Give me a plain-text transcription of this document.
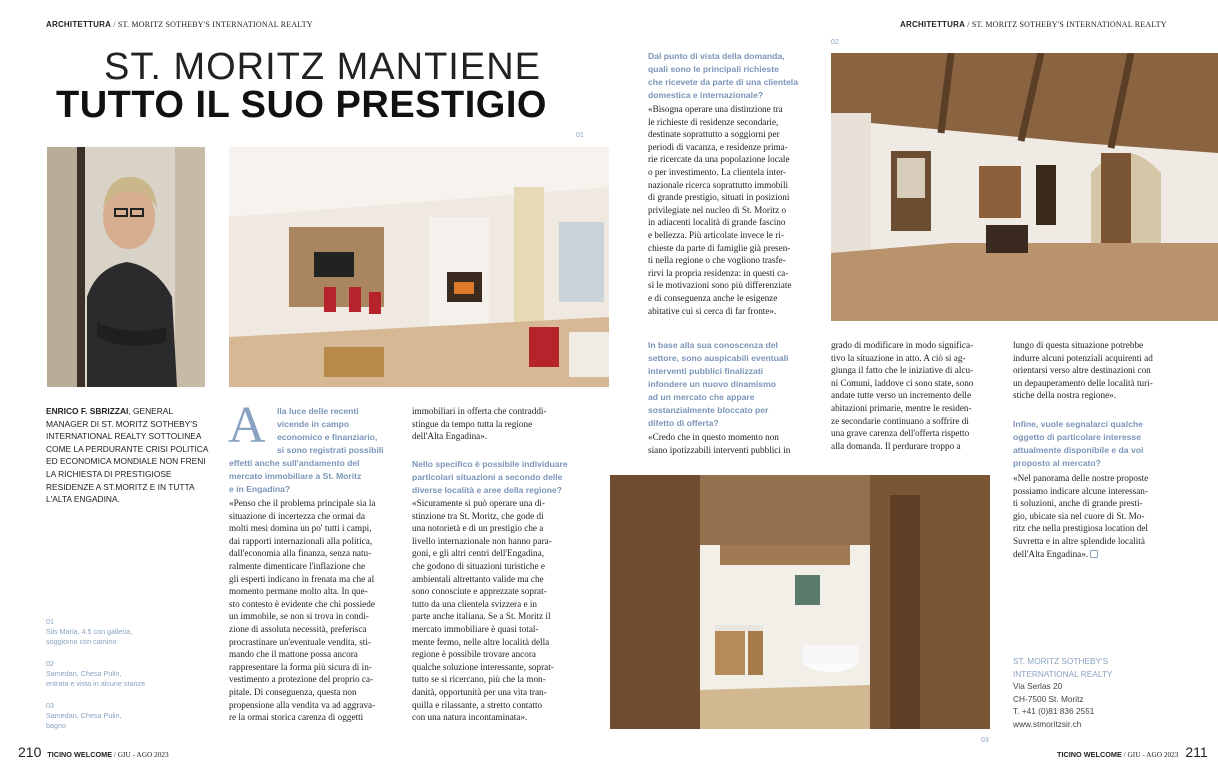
ARCHITETTURA / ST. MORITZ SOTHEBY'S INTERNATIONAL REALTY	ARCHITETTURA / ST. MORITZ SOTHEBY'S INTERNATIONAL REALTY
ST. MORITZ MANTIENE
TUTTO IL SUO PRESTIGIO
01
ENRICO F. SBRIZZAI, GENERAL MANAGER DI ST. MORITZ SOTHEBY'S INTERNATIONAL REALTY SOTTOLINEA COME LA PERDURANTE CRISI POLITICA ED ECONOMICA MONDIALE NON FRENI LA RICHIESTA DI PRESTIGIOSE RESIDENZE A ST.MORITZ E IN TUTTA L'ALTA ENGADINA.
01
Sils Maria, 4.5 con galleria,
soggiorno con camino
02
Samedan, Chesa Pulin,
entrata e vista in alcune stanze
03
Samedan, Chesa Pulin,
bagno
A lla luce delle recenti
vicende in campo
economico e finanziario,
si sono registrati possibili
effetti anche sull'andamento del
mercato immobiliare a St. Moritz
e in Engadina?
«Penso che il problema principale sia la
situazione di incertezza che ormai da
molti mesi domina un po' tutti i campi,
dai rapporti internazionali alla politica,
dall'economia alla finanza, senza natu-
ralmente dimenticare l'inflazione che
gli esperti indicano in frenata ma che al
momento permane molto alta. In que-
sto contesto è evidente che chi possiede
un immobile, se non si trova in condi-
zione di assoluta necessità, preferisca
procrastinare un'eventuale vendita, sti-
mando che il mattone possa ancora
rappresentare la forma più sicura di in-
vestimento a protezione del proprio ca-
pitale. Di conseguenza, questa non
propensione alla vendita va ad aggrava-
re la ormai storica carenza di oggetti
immobiliari in offerta che contraddi-
stingue da tempo tutta la regione
dell'Alta Engadina».
Nello specifico è possibile individuare
particolari situazioni a secondo delle
diverse località e aree della regione?
«Sicuramente si può operare una di-
stinzione tra St. Moritz, che gode di
una notorietà e di un prestigio che a
livello internazionale non hanno para-
goni, e gli altri centri dell'Engadina,
che godono di situazioni turistiche e
ambientali altrettanto valide ma che
sono conosciute e apprezzate soprat-
tutto da una clientela svizzera e in
parte anche italiana. Se a St. Moritz il
mercato immobiliare è quasi total-
mente fermo, nelle altre località della
regione è possibile trovare ancora
qualche soluzione interessante, soprat-
tutto se si ricercano, più che la mon-
danità, opportunità per una vita tran-
quilla e rilassante, a stretto contatto
con una natura incontaminata».
Dal punto di vista della domanda,
quali sono le principali richieste
che ricevete da parte di una clientela
domestica e internazionale?
«Bisogna operare una distinzione tra
le richieste di residenze secondarie,
destinate soprattutto a soggiorni per
periodi di vacanza, e residenze prima-
rie ricercate da una popolazione locale
o per investimento. La clientela inter-
nazionale ricerca soprattutto immobili
di grande prestigio, situati in posizioni
privilegiate nel nucleo di St. Moritz o
in adiacenti località di grande fascino
e bellezza. Più articolate invece le ri-
chieste da parte di famiglie già presen-
ti nella regione o che vogliono trasfe-
rirvi la propria residenza: in questi ca-
si le motivazioni sono più differenziate
e di conseguenza anche le esigenze
abitative cui si cerca di far fronte».
In base alla sua conoscenza del
settore, sono auspicabili eventuali
interventi pubblici finalizzati
infondere un nuovo dinamismo
ad un mercato che appare
sostanzialmente bloccato per
difetto di offerta?
«Credo che in questo momento non
siano ipotizzabili interventi pubblici in
02
grado di modificare in modo significa-
tivo la situazione in atto. A ciò si ag-
giunga il fatto che le iniziative di alcu-
ni Comuni, laddove ci sono state, sono
andate tutte verso un incremento delle
abitazioni primarie, mentre le residen-
ze secondarie continuano a soffrire di
una grave carenza dell'offerta rispetto
alla domanda. Il perdurare troppo a
lungo di questa situazione potrebbe
indurre alcuni potenziali acquirenti ad
orientarsi verso altre destinazioni con
un depauperamento delle località turi-
stiche della nostra regione».
Infine, vuole segnalarci qualche
oggetto di particolare interesse
attualmente disponibile e da voi
proposto al mercato?
«Nel panorama delle nostre proposte
possiamo indicare alcune interessan-
ti soluzioni, anche di grande presti-
gio, ubicate sia nel cuore di St. Mo-
ritz che nella prestigiosa location del
Suvretta e in altre splendide località
dell'Alta Engadina».
03
ST. MORITZ SOTHEBY'S
INTERNATIONAL REALTY
Via Serlas 20
CH-7500 St. Moritz
T. +41 (0)81 836 2551
www.stmoritzsir.ch
210 TICINO WELCOME / GIU - AGO 2023	TICINO WELCOME / GIU - AGO 2023 211
